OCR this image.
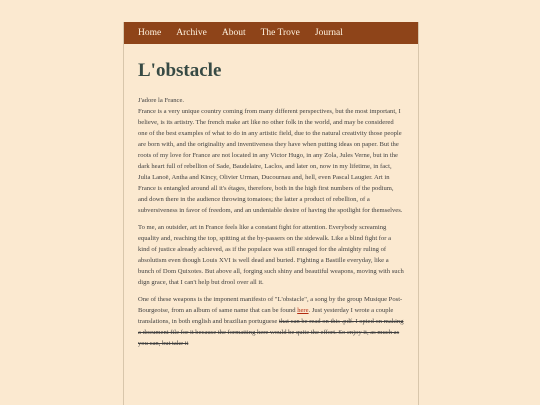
Home Archive About The Trove Journal
L'obstacle

J'adore la France.

France is a very unique country coming from many different perspectives, but the most important, I believe, is its artistry. The french make art like no other folk in the world, and may be considered one of the best examples of what to do in any artistic field, due to the natural creativity those people are born with, and the originality and inventiveness they have when putting ideas on paper. But the roots of my love for France are not located in any Victor Hugo, in any Zola, Jules Verne, but in the dark heart full of rebellion of Sade, Baudelaire, Laclos, and later on, now in my lifetime, in fact, Julia Lanoë, Antha and Kincy, Olivier Urman, Ducournau and, hell, even Pascal Laugier. Art in France is entangled around all it's étages, therefore, both in the high first numbers of the podium, and down there in the audience throwing tomatoes; the latter a product of rebellion, of a subversiveness in favor of freedom, and an undeniable desire of having the spotlight for themselves.

To me, an outsider, art in France feels like a constant fight for attention. Everybody screaming equality and, reaching the top, spitting at the by-passers on the sidewalk. Like a blind fight for a kind of justice already achieved, as if the populace was still enraged for the almighty ruling of absolutism even though Louis XVI is well dead and buried. Fighting a Bastille everyday, like a bunch of Dom Quixotes. But above all, forging such shiny and beautiful weapons, moving with such dign grace, that I can't help but drool over all it.

One of these weapons is the imponent manifesto of "L'obstacle", a song by the group Musique Post-Bourgeoise, from an album of same name that can be found here. Just yesterday I wrote a couple translations, in both english and brazilian portuguese that can be read on this .pdf. I opted on making a document file for it because the formatting here would be quite the effort. So enjoy it, as much as you can, but take it
